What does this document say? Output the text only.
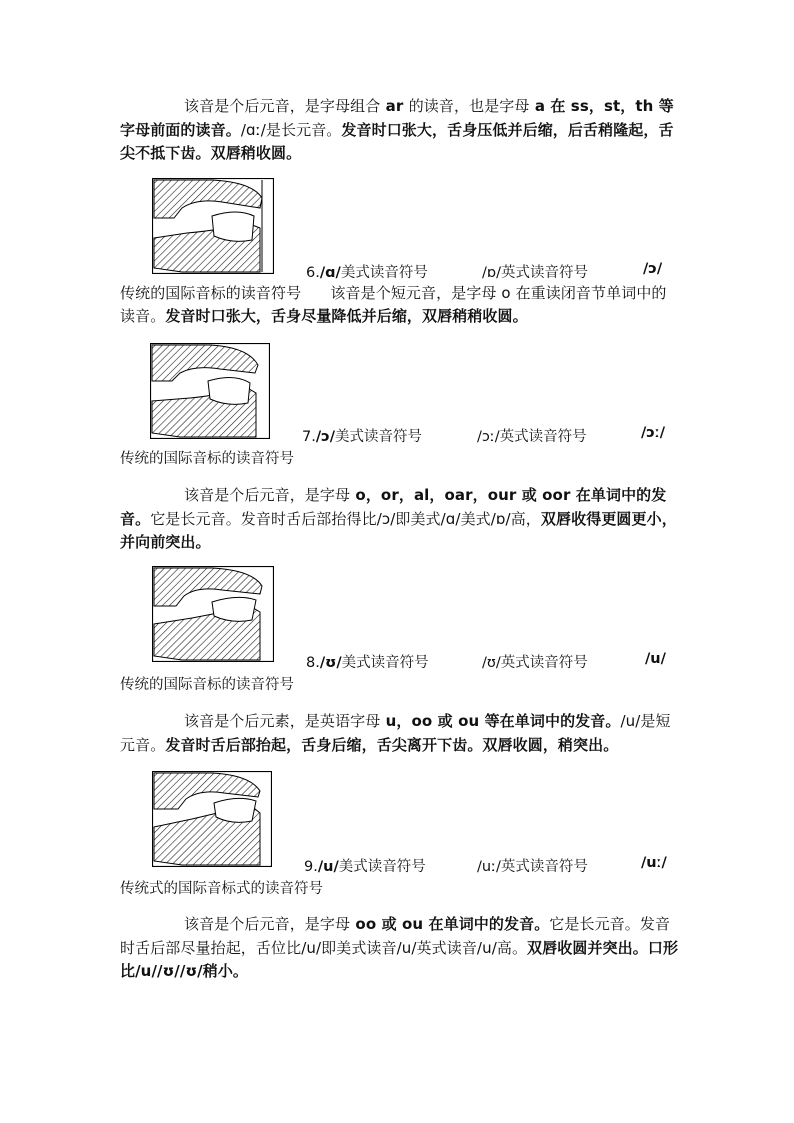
该音是个后元音，是字母组合 ar 的读音，也是字母 a 在 ss，st，th 等字母前面的读音。/ɑː/是长元音。发音时口张大，舌身压低并后缩，后舌稍隆起，舌尖不抵下齿。双唇稍收圆。
6./ɑ/美式读音符号	/ɒ/英式读音符号	/ɔ/
传统的国际音标的读音符号 该音是个短元音，是字母 o 在重读闭音节单词中的读音。发音时口张大，舌身尽量降低并后缩，双唇稍稍收圆。
7./ɔ/美式读音符号	/ɔː/英式读音符号	/ɔː/
传统的国际音标的读音符号
该音是个后元音，是字母 o，or，al，oar，our 或 oor 在单词中的发音。它是长元音。发音时舌后部抬得比/ɔ/即美式/ɑ/美式/ɒ/高，双唇收得更圆更小，并向前突出。
8./ʊ/美式读音符号	/ʊ/英式读音符号	/u/
传统的国际音标的读音符号
该音是个后元素，是英语字母 u，oo 或 ou 等在单词中的发音。/u/是短元音。发音时舌后部抬起，舌身后缩，舌尖离开下齿。双唇收圆，稍突出。
9./u/美式读音符号	/uː/英式读音符号	/uː/
传统式的国际音标式的读音符号
该音是个后元音，是字母 oo 或 ou 在单词中的发音。它是长元音。发音时舌后部尽量抬起，舌位比/u/即美式读音/u/英式读音/u/高。双唇收圆并突出。口形比/u//ʊ//ʊ/稍小。
